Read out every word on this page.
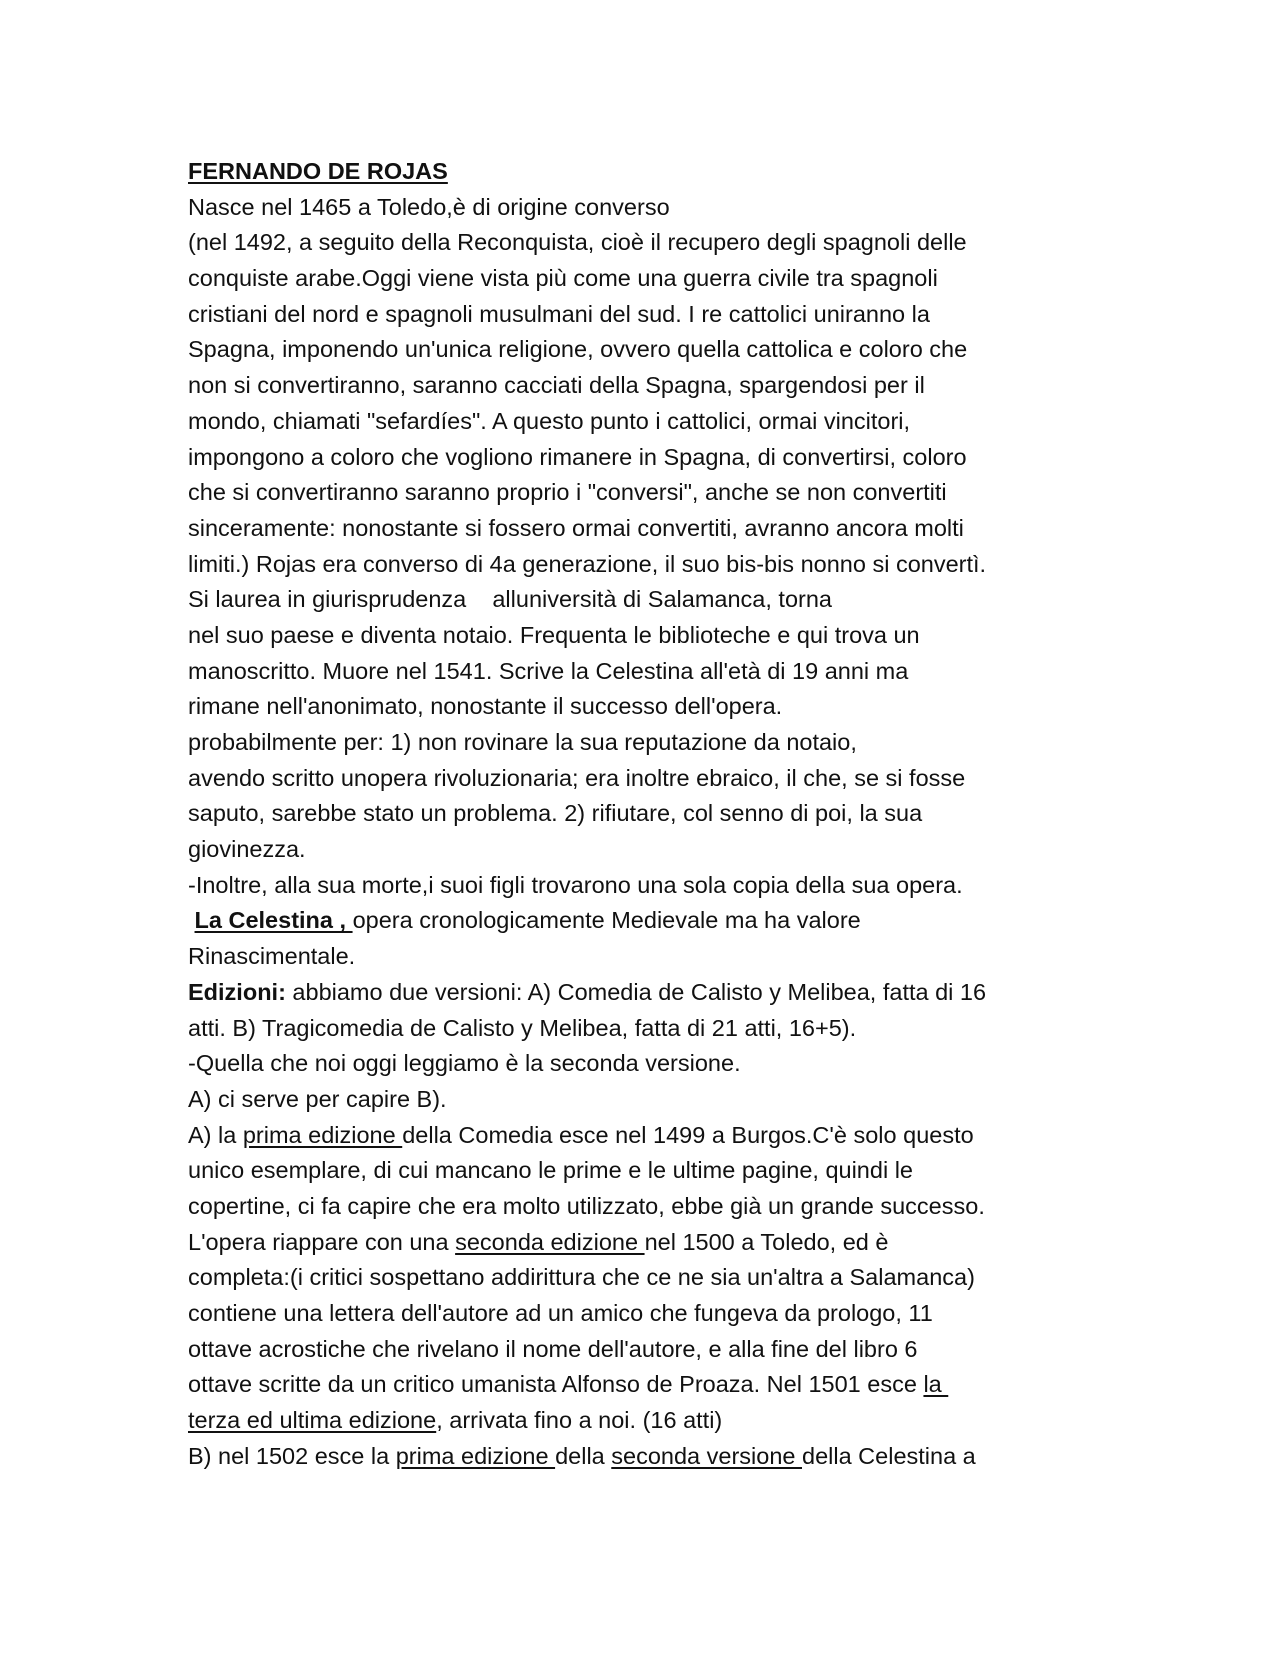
FERNANDO DE ROJAS
Nasce nel 1465 a Toledo,è di origine converso
(nel 1492, a seguito della Reconquista, cioè il recupero degli spagnoli delle
conquiste arabe.Oggi viene vista più come una guerra civile tra spagnoli
cristiani del nord e spagnoli musulmani del sud. I re cattolici uniranno la
Spagna, imponendo un'unica religione, ovvero quella cattolica e coloro che
non si convertiranno, saranno cacciati della Spagna, spargendosi per il
mondo, chiamati "sefardíes". A questo punto i cattolici, ormai vincitori,
impongono a coloro che vogliono rimanere in Spagna, di convertirsi, coloro
che si convertiranno saranno proprio i "conversi", anche se non convertiti
sinceramente: nonostante si fossero ormai convertiti, avranno ancora molti
limiti.) Rojas era converso di 4a generazione, il suo bis-bis nonno si convertì.
Si laurea in giurisprudenza    alluniversità di Salamanca, torna
nel suo paese e diventa notaio. Frequenta le biblioteche e qui trova un
manoscritto. Muore nel 1541. Scrive la Celestina all'età di 19 anni ma
rimane nell'anonimato, nonostante il successo dell'opera.
probabilmente per: 1) non rovinare la sua reputazione da notaio,
avendo scritto unopera rivoluzionaria; era inoltre ebraico, il che, se si fosse
saputo, sarebbe stato un problema. 2) rifiutare, col senno di poi, la sua
giovinezza.
-Inoltre, alla sua morte,i suoi figli trovarono una sola copia della sua opera.
La Celestina , opera cronologicamente Medievale ma ha valore
Rinascimentale.
Edizioni: abbiamo due versioni: A) Comedia de Calisto y Melibea, fatta di 16
atti. B) Tragicomedia de Calisto y Melibea, fatta di 21 atti, 16+5).
-Quella che noi oggi leggiamo è la seconda versione.
A) ci serve per capire B).
A) la prima edizione della Comedia esce nel 1499 a Burgos.C'è solo questo
unico esemplare, di cui mancano le prime e le ultime pagine, quindi le
copertine, ci fa capire che era molto utilizzato, ebbe già un grande successo.
L'opera riappare con una seconda edizione nel 1500 a Toledo, ed è
completa:(i critici sospettano addirittura che ce ne sia un'altra a Salamanca)
contiene una lettera dell'autore ad un amico che fungeva da prologo, 11
ottave acrostiche che rivelano il nome dell'autore, e alla fine del libro 6
ottave scritte da un critico umanista Alfonso de Proaza. Nel 1501 esce la
terza ed ultima edizione, arrivata fino a noi. (16 atti)
B) nel 1502 esce la prima edizione della seconda versione della Celestina a
